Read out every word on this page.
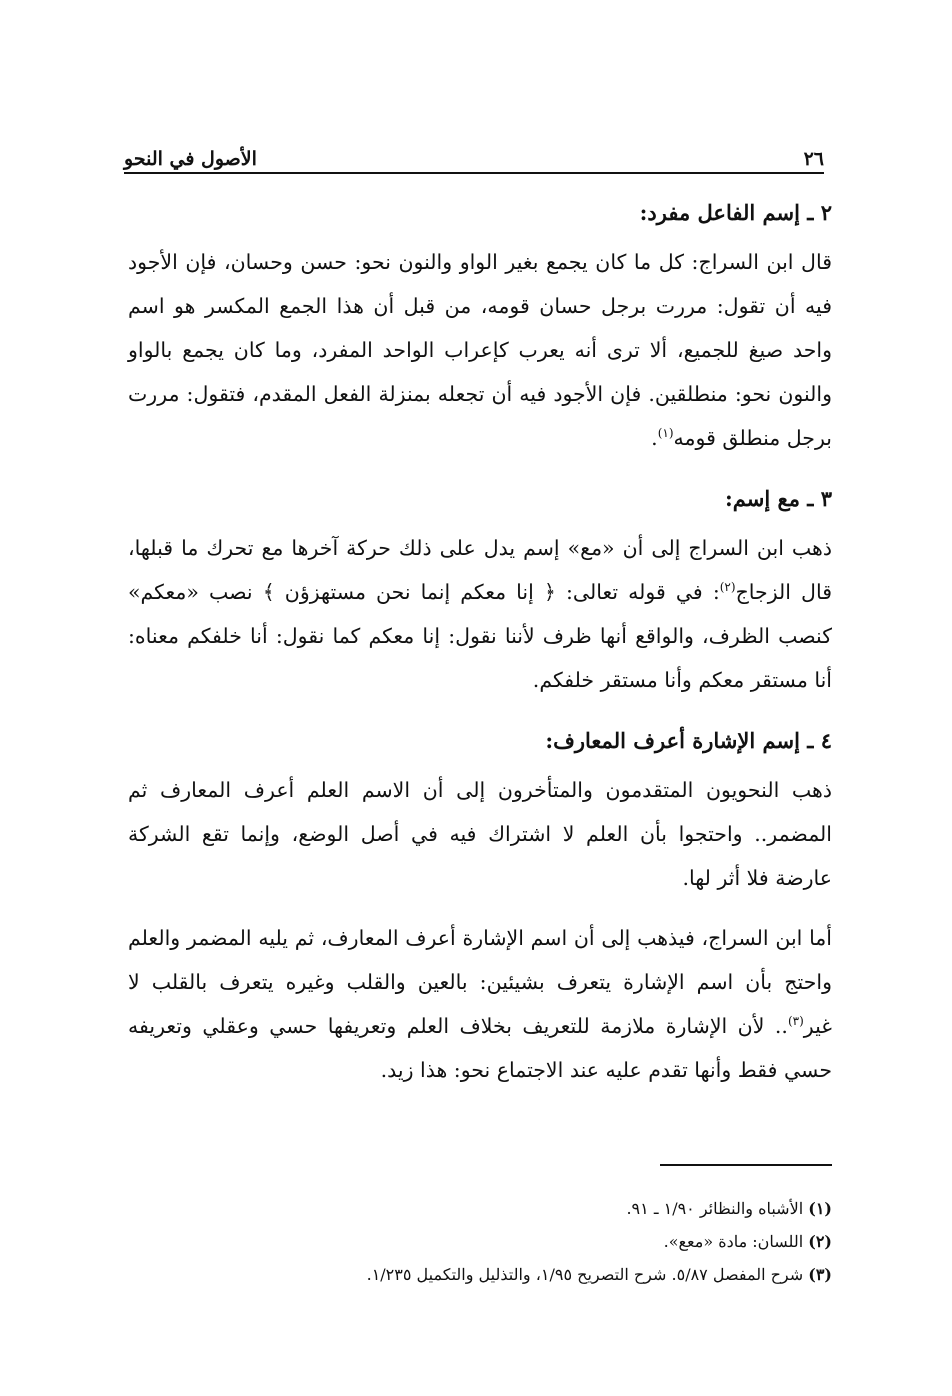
٢٦
الأصول في النحو
٢ ـ إسم الفاعل مفرد:

قال ابن السراج: كل ما كان يجمع بغير الواو والنون نحو: حسن وحسان، فإن الأجود فيه أن تقول: مررت برجل حسان قومه، من قبل أن هذا الجمع المكسر هو اسم واحد صيغ للجميع، ألا ترى أنه يعرب كإعراب الواحد المفرد، وما كان يجمع بالواو والنون نحو: منطلقين. فإن الأجود فيه أن تجعله بمنزلة الفعل المقدم، فتقول: مررت برجل منطلق قومه$^{(١)}$.

٣ ـ مع إسم:

ذهب ابن السراج إلى أن «مع» إسم يدل على ذلك حركة آخرها مع تحرك ما قبلها، قال الزجاج$^{(٢)}$: في قوله تعالى: ﴿ إنا معكم إنما نحن مستهزؤن ﴾ نصب «معكم» كنصب الظرف، والواقع أنها ظرف لأننا نقول: إنا معكم كما نقول: أنا خلفكم معناه: أنا مستقر معكم وأنا مستقر خلفكم.

٤ ـ إسم الإشارة أعرف المعارف:

ذهب النحويون المتقدمون والمتأخرون إلى أن الاسم العلم أعرف المعارف ثم المضمر.. واحتجوا بأن العلم لا اشتراك فيه في أصل الوضع، وإنما تقع الشركة عارضة فلا أثر لها.

أما ابن السراج، فيذهب إلى أن اسم الإشارة أعرف المعارف، ثم يليه المضمر والعلم واحتج بأن اسم الإشارة يتعرف بشيئين: بالعين والقلب وغيره يتعرف بالقلب لا غير$^{(٣)}$.. لأن الإشارة ملازمة للتعريف بخلاف العلم وتعريفها حسي وعقلي وتعريفه حسي فقط وأنها تقدم عليه عند الاجتماع نحو: هذا زيد.

(١) الأشباه والنظائر ١/٩٠ ـ ٩١.
(٢) اللسان: مادة «معع».
(٣) شرح المفصل ٥/٨٧. شرح التصريح ١/٩٥، والتذليل والتكميل ١/٢٣٥.
